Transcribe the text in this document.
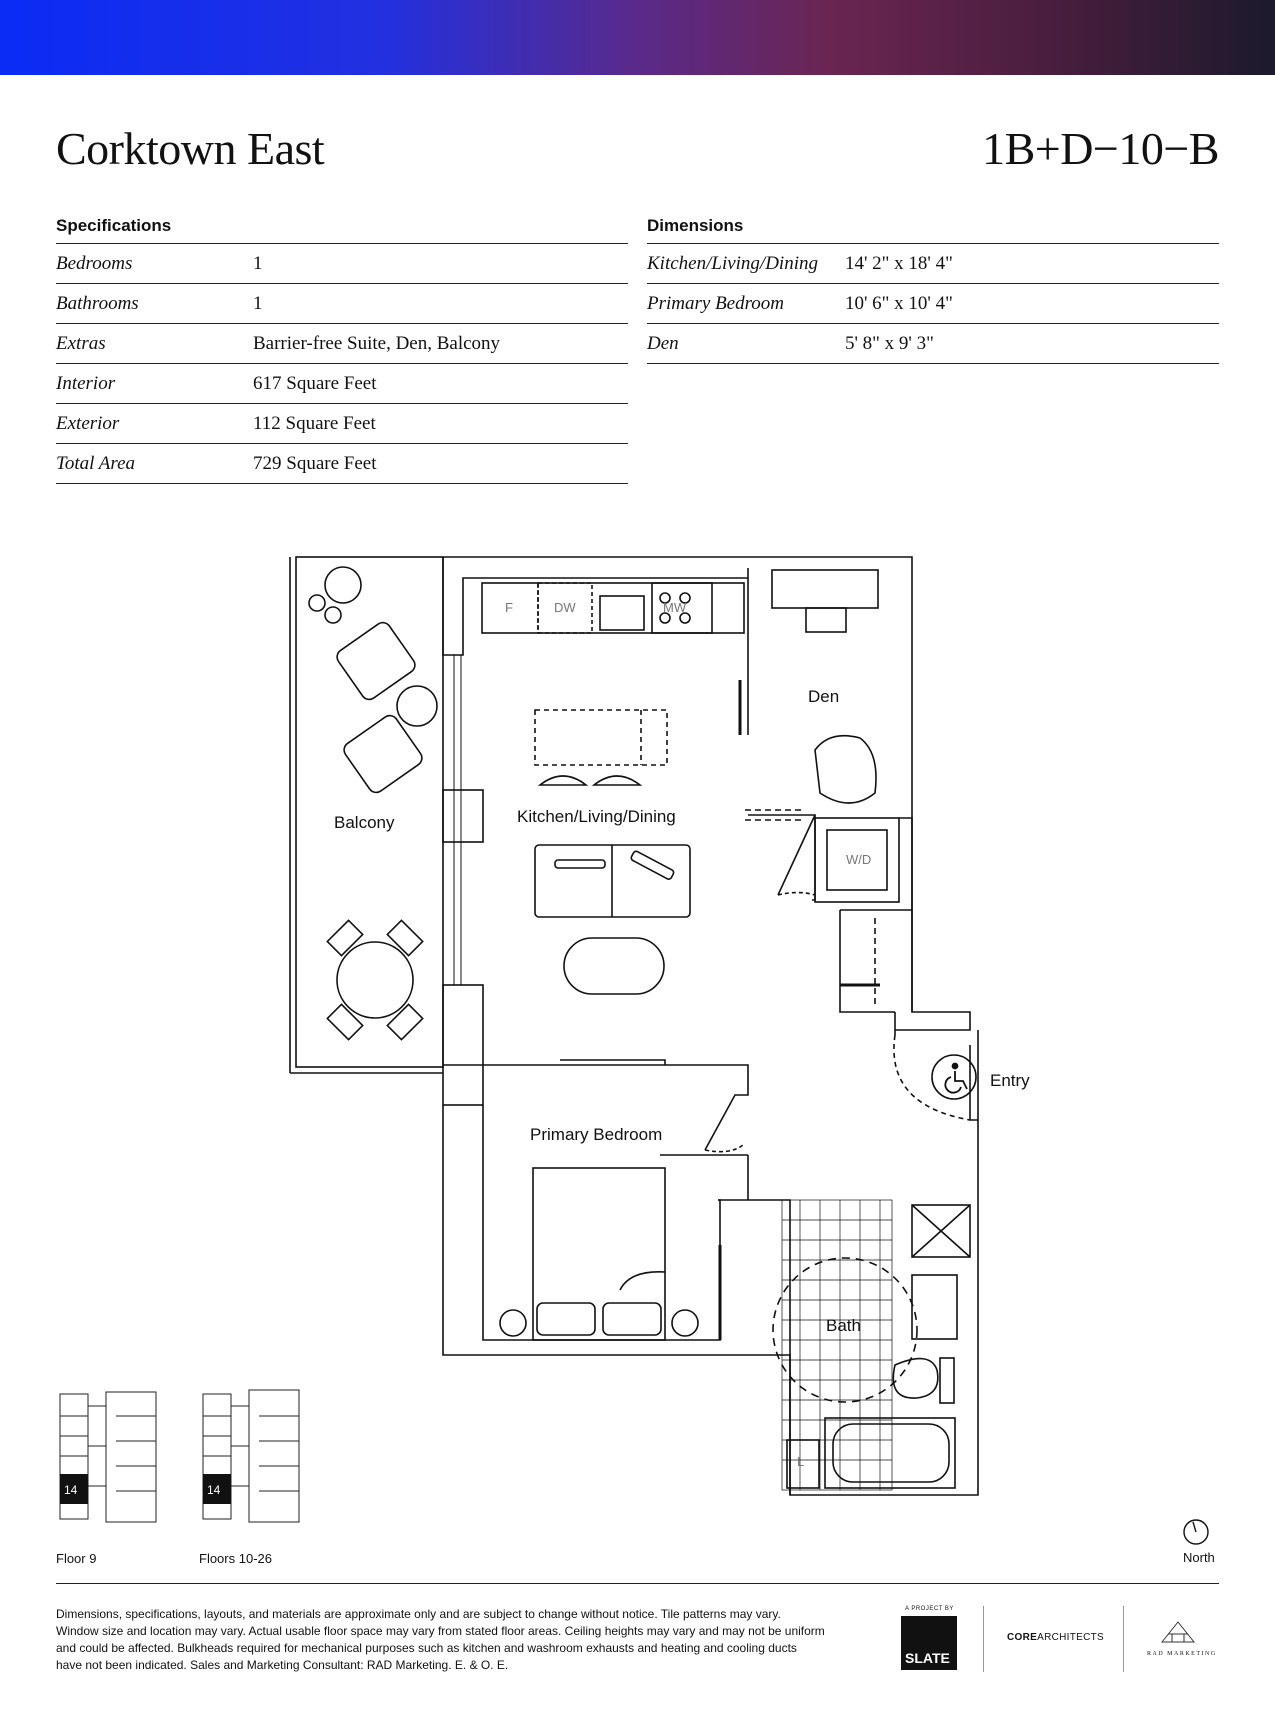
Corktown East	1B+D−10−B
Specifications
Bedrooms	1
Bathrooms	1
Extras	Barrier-free Suite, Den, Balcony
Interior	617 Square Feet
Exterior	112 Square Feet
Total Area	729 Square Feet
Dimensions
Kitchen/Living/Dining	14' 2" x 18' 4"
Primary Bedroom	10' 6" x 10' 4"
Den	5' 8" x 9' 3"
Balcony	Kitchen/Living/Dining
Den
Entry
Primary Bedroom
Bath
F	DW	MW
W/D
L
14
Floor 9
14
Floors 10-26	North

Dimensions, specifications, layouts, and materials are approximate only and are subject to change without notice. Tile patterns may vary. Window size and location may vary. Actual usable floor space may vary from stated floor areas. Ceiling heights may vary and may not be uniform and could be affected. Bulkheads required for mechanical purposes such as kitchen and washroom exhausts and heating and cooling ducts have not been indicated. Sales and Marketing Consultant: RAD Marketing. E. & O. E.

A PROJECT BY
SLATE
COREARCHITECTS
RAD MARKETING
